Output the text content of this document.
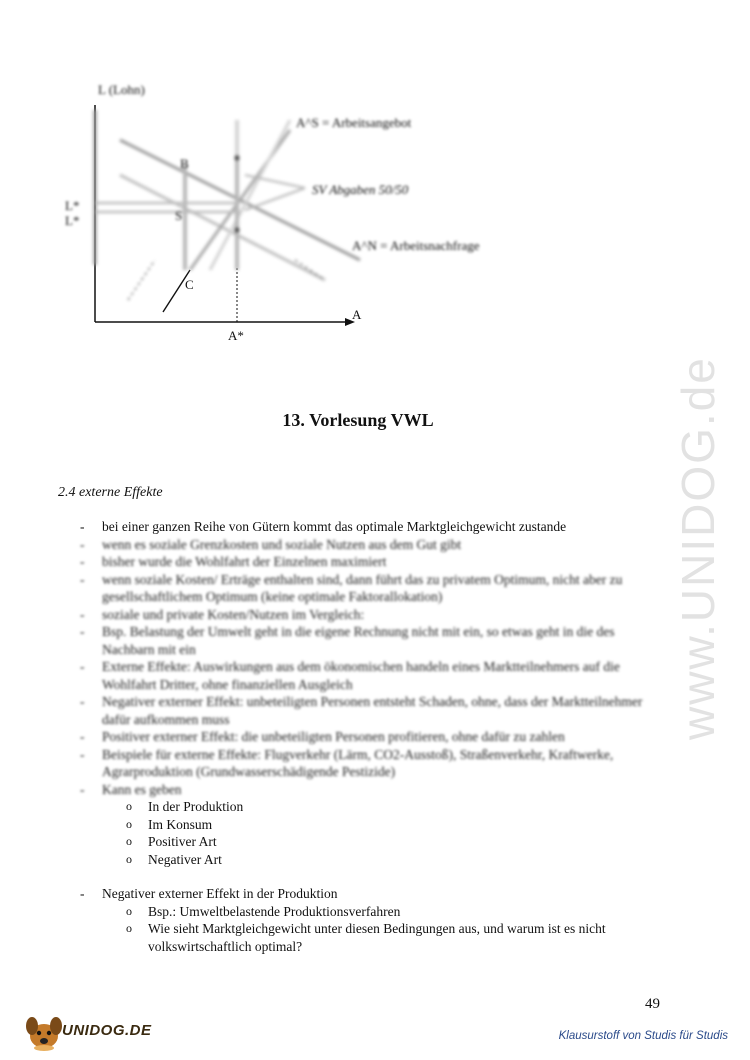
L (Lohn)
B
S
L*
L*
A^S = Arbeitsangebot
SV Abgaben 50/50
A^N = Arbeitsnachfrage
C
A
A*
www.UNIDOG.de
13. Vorlesung VWL
2.4 externe Effekte
- bei einer ganzen Reihe von Gütern kommt das optimale Marktgleichgewicht zustande
- wenn es soziale Grenzkosten und soziale Nutzen aus dem Gut gibt
- bisher wurde die Wohlfahrt der Einzelnen maximiert
- wenn soziale Kosten/ Erträge enthalten sind, dann führt das zu privatem Optimum, nicht aber zu gesellschaftlichem Optimum (keine optimale Faktorallokation)
- soziale und private Kosten/Nutzen im Vergleich:
- Bsp. Belastung der Umwelt geht in die eigene Rechnung nicht mit ein, so etwas geht in die des Nachbarn mit ein
- Externe Effekte: Auswirkungen aus dem ökonomischen handeln eines Marktteilnehmers auf die Wohlfahrt Dritter, ohne finanziellen Ausgleich
- Negativer externer Effekt: unbeteiligten Personen entsteht Schaden, ohne, dass der Marktteilnehmer dafür aufkommen muss
- Positiver externer Effekt: die unbeteiligten Personen profitieren, ohne dafür zu zahlen
- Beispiele für externe Effekte: Flugverkehr (Lärm, CO2-Ausstoß), Straßenverkehr, Kraftwerke, Agrarproduktion (Grundwasserschädigende Pestizide)
- Kann es geben
o In der Produktion
o Im Konsum
o Positiver Art
o Negativer Art
- Negativer externer Effekt in der Produktion
o Bsp.: Umweltbelastende Produktionsverfahren
o Wie sieht Marktgleichgewicht unter diesen Bedingungen aus, und warum ist es nicht volkswirtschaftlich optimal?
49
UNIDOG.DE	Klausurstoff von Studis für Studis
